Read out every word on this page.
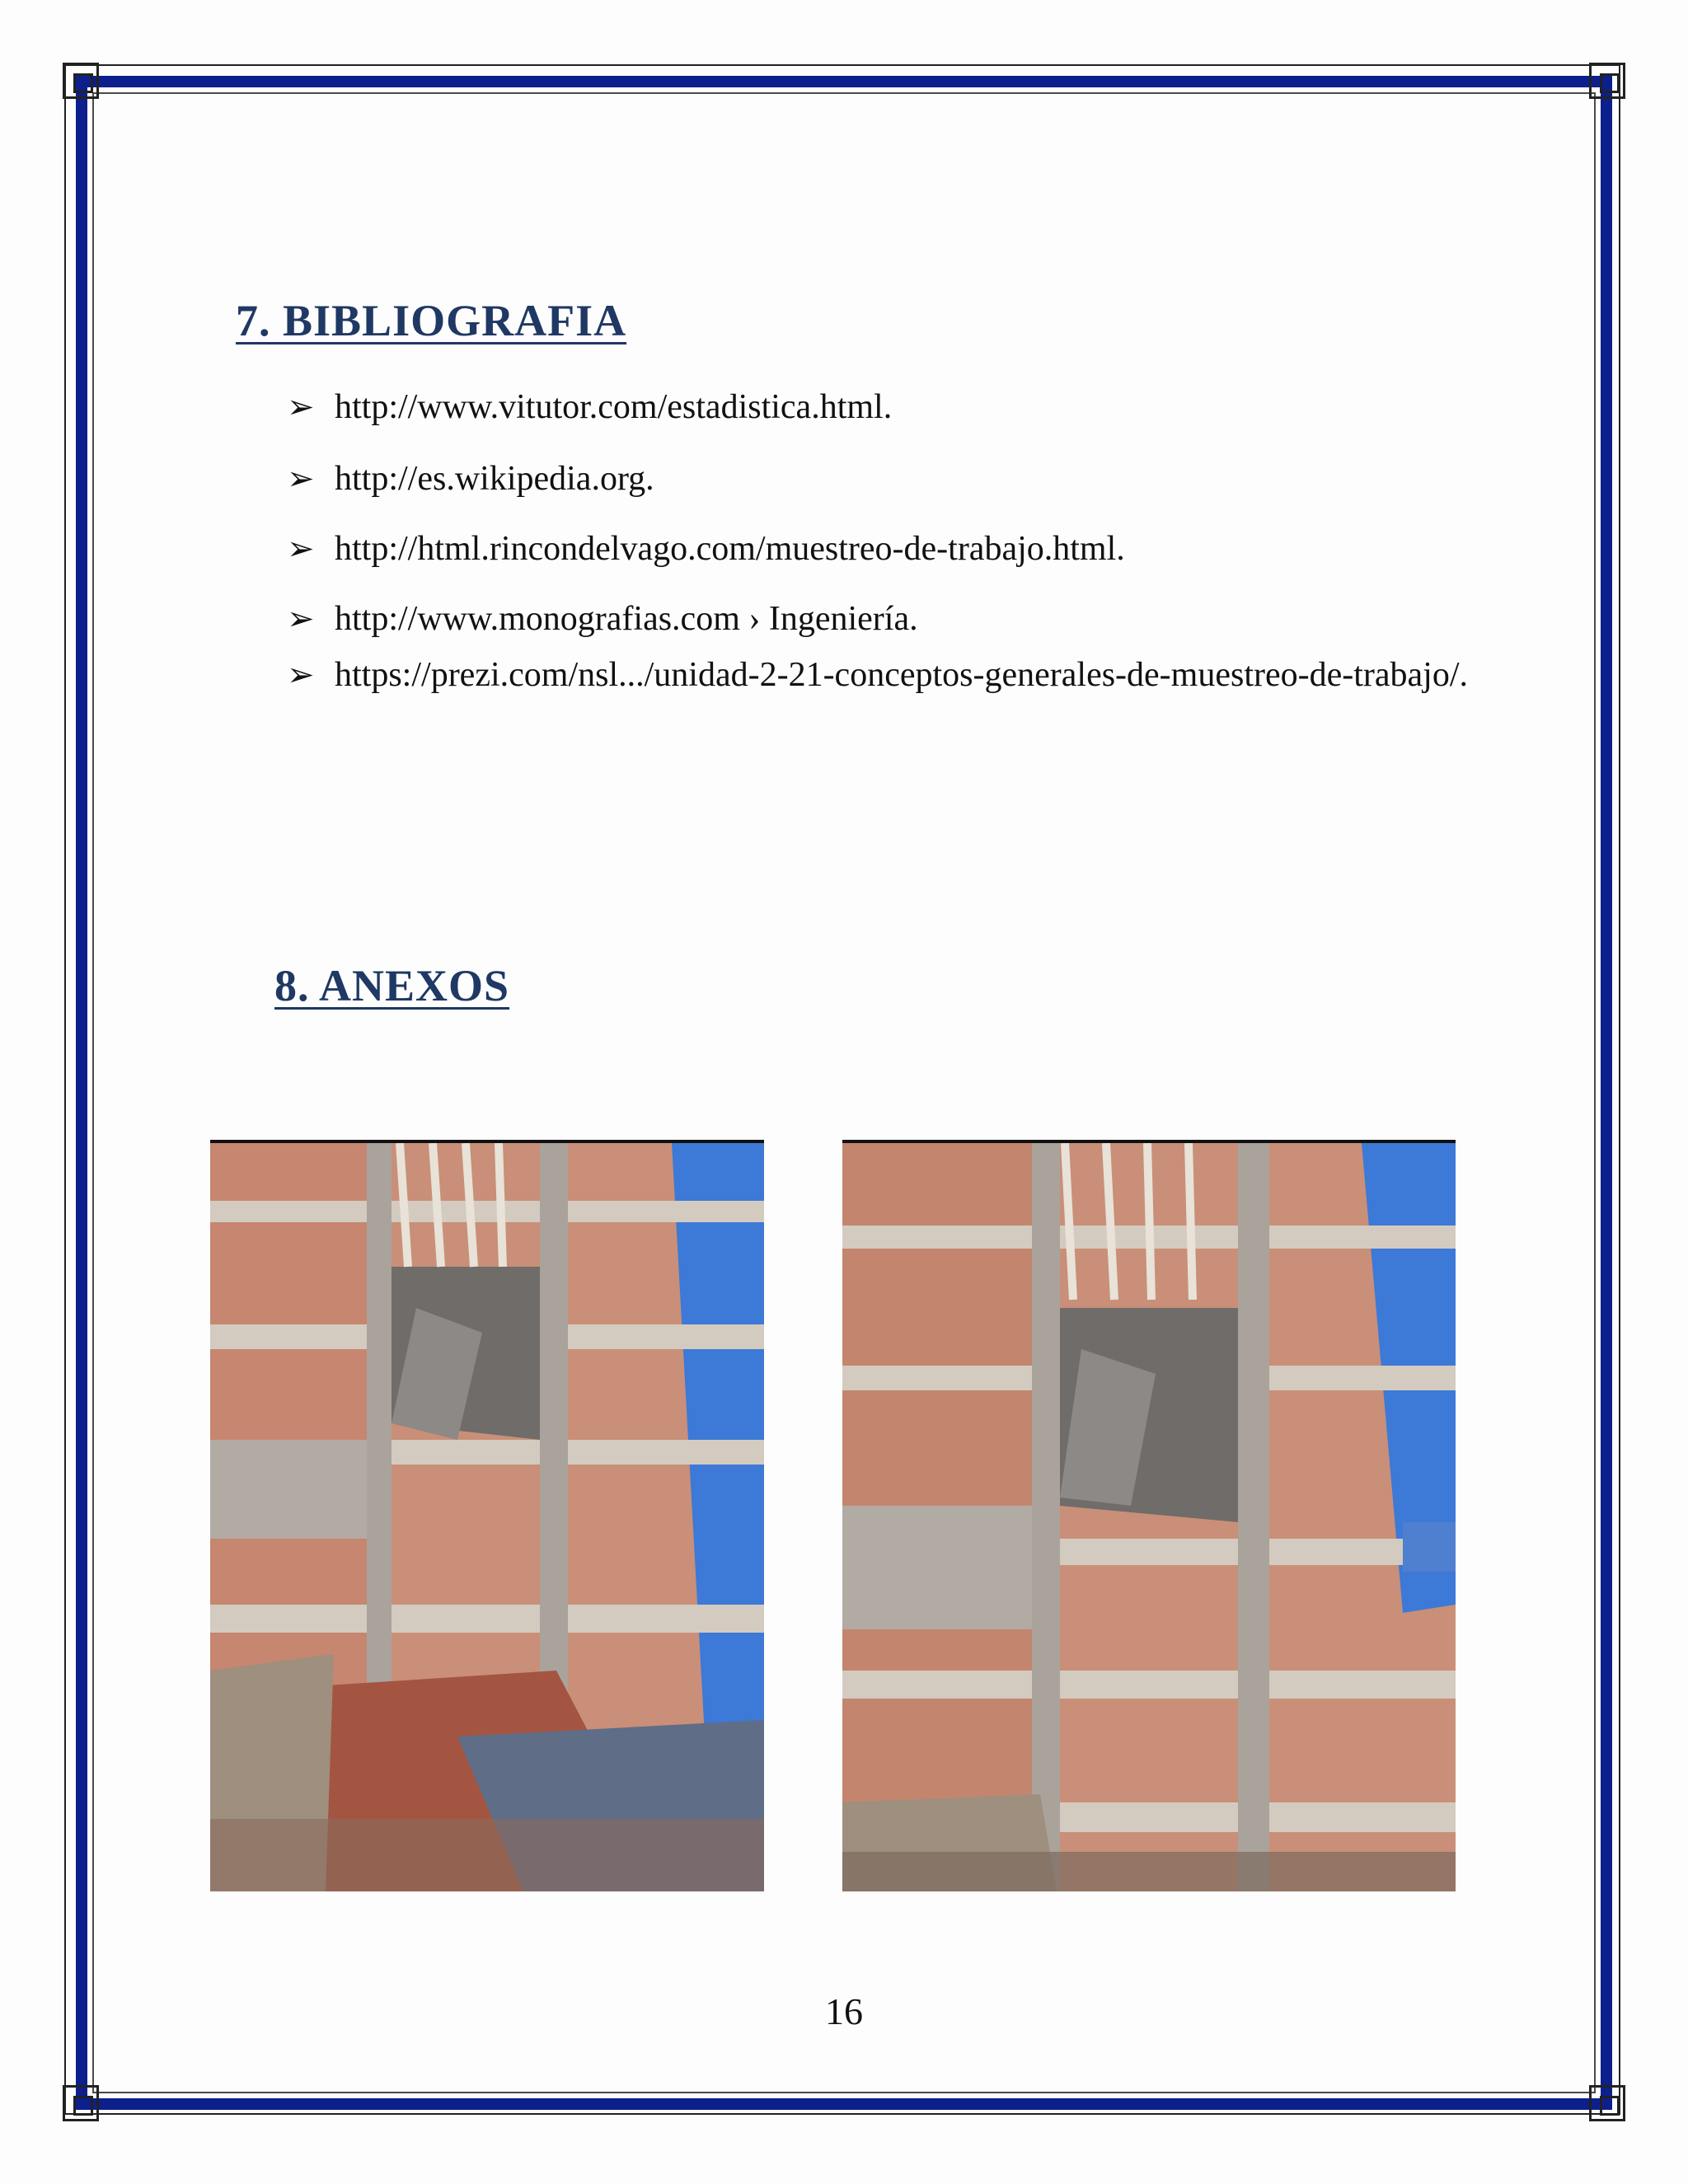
7. BIBLIOGRAFIA
➢ http://www.vitutor.com/estadistica.html.
➢ http://es.wikipedia.org.
➢ http://html.rincondelvago.com/muestreo-de-trabajo.html.
➢ http://www.monografias.com › Ingeniería.
➢ https://prezi.com/nsl.../unidad-2-21-conceptos-generales-de-muestreo-de-trabajo/.
8. ANEXOS
16
